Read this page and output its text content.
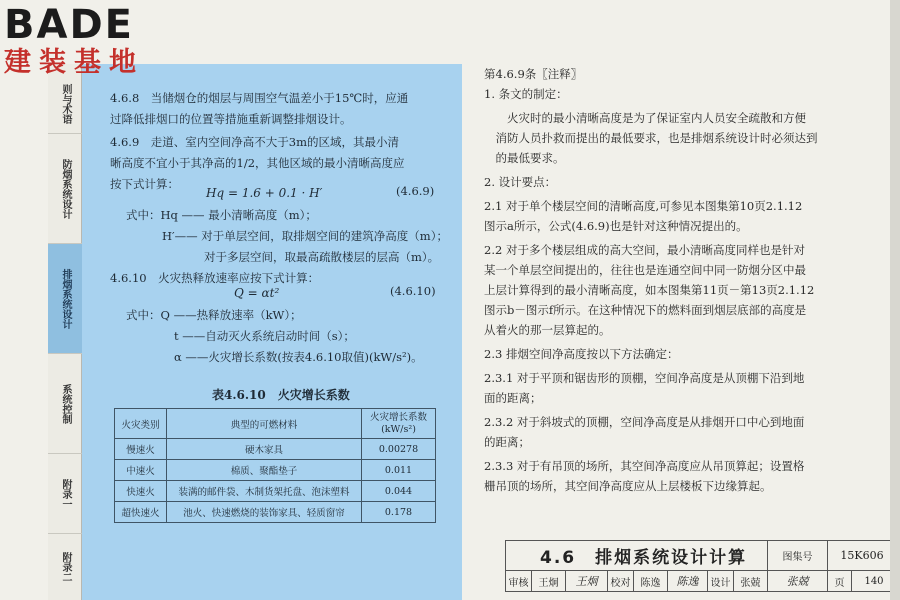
BADE
建装基地
则与术语
防烟系统设计
排烟系统设计
系统控制
附录一
附录二
4.6.8　当储烟仓的烟层与周围空气温差小于15℃时，应通
过降低排烟口的位置等措施重新调整排烟设计。
4.6.9　走道、室内空间净高不大于3m的区域，其最小清
晰高度不宜小于其净高的1/2，其他区域的最小清晰高度应
按下式计算：
Hq = 1.6 + 0.1 · H′	(4.6.9)
式中：Hq —— 最小清晰高度（m）；
H′—— 对于单层空间，取排烟空间的建筑净高度（m）；
对于多层空间，取最高疏散楼层的层高（m）。
4.6.10　火灾热释放速率应按下式计算：
Q = αt²	(4.6.10)
式中：Q ——热释放速率（kW）；
t ——自动灭火系统启动时间（s）；
α ——火灾增长系数(按表4.6.10取值)(kW/s²)。
表4.6.10　火灾增长系数
火灾类别	典型的可燃材料	火灾增长系数
(kW/s²)
慢速火	硬木家具	0.00278
中速火	棉质、聚酯垫子	0.011
快速火	装满的邮件袋、木制货架托盘、泡沫塑料	0.044
超快速火	池火、快速燃烧的装饰家具、轻质窗帘	0.178
第4.6.9条〖注释〗
1. 条文的制定：
　　火灾时的最小清晰高度是为了保证室内人员安全疏散和方便
　消防人员扑救而提出的最低要求，也是排烟系统设计时必须达到
　的最低要求。
2. 设计要点：
2.1 对于单个楼层空间的清晰高度,可参见本图集第10页2.1.12
图示a所示，公式(4.6.9)也是针对这种情况提出的。
2.2 对于多个楼层组成的高大空间，最小清晰高度同样也是针对
某一个单层空间提出的，往往也是连通空间中同一防烟分区中最
上层计算得到的最小清晰高度，如本图集第11页－第13页2.1.12
图示b－图示f所示。在这种情况下的燃料面到烟层底部的高度是
从着火的那一层算起的。
2.3 排烟空间净高度按以下方法确定：
2.3.1 对于平顶和锯齿形的顶棚，空间净高度是从顶棚下沿到地
面的距离；
2.3.2 对于斜坡式的顶棚，空间净高度是从排烟开口中心到地面
的距离；
2.3.3 对于有吊顶的场所，其空间净高度应从吊顶算起；设置格
栅吊顶的场所，其空间净高度应从上层楼板下边缘算起。
4.6　排烟系统设计计算	图集号	15K606
审核	王炯	王炯	校对	陈逸	陈逸	设计	张兢	张兢	页	140
